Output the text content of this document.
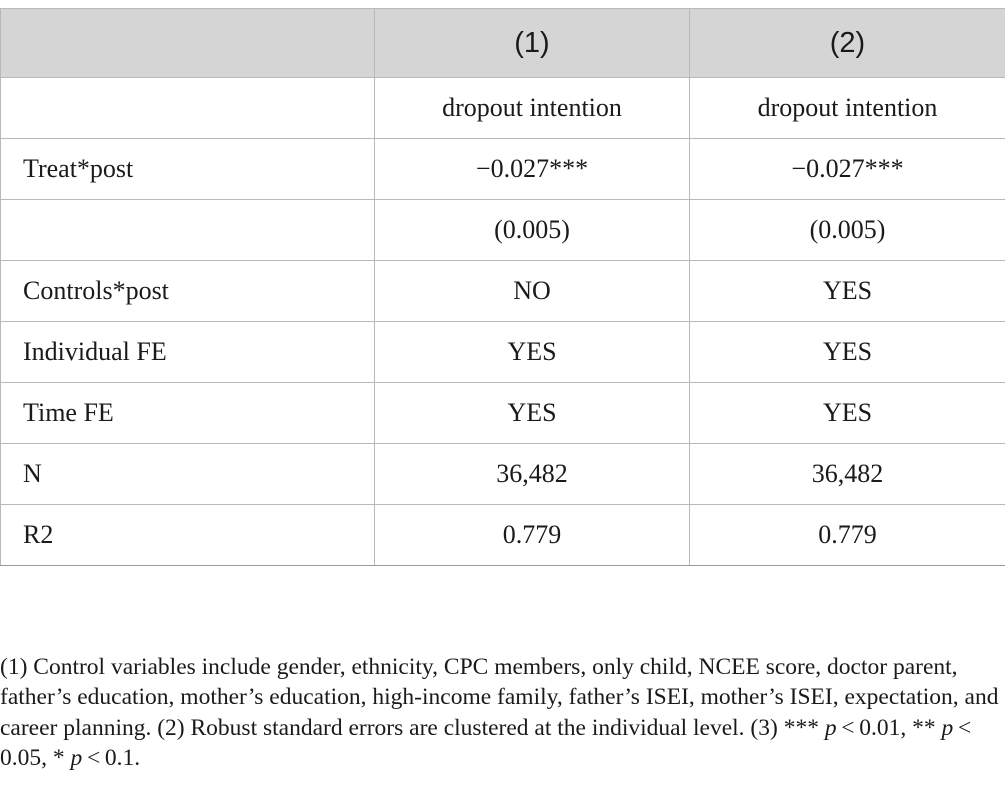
	(1)	(2)
	dropout intention	dropout intention
Treat*post	−0.027***	−0.027***
	(0.005)	(0.005)
Controls*post	NO	YES
Individual FE	YES	YES
Time FE	YES	YES
N	36,482	36,482
R2	0.779	0.779

(1) Control variables include gender, ethnicity, CPC members, only child, NCEE score, doctor parent, father’s education, mother’s education, high-income family, father’s ISEI, mother’s ISEI, expectation, and career planning. (2) Robust standard errors are clustered at the individual level. (3) *** p < 0.01, ** p < 0.05, * p < 0.1.
